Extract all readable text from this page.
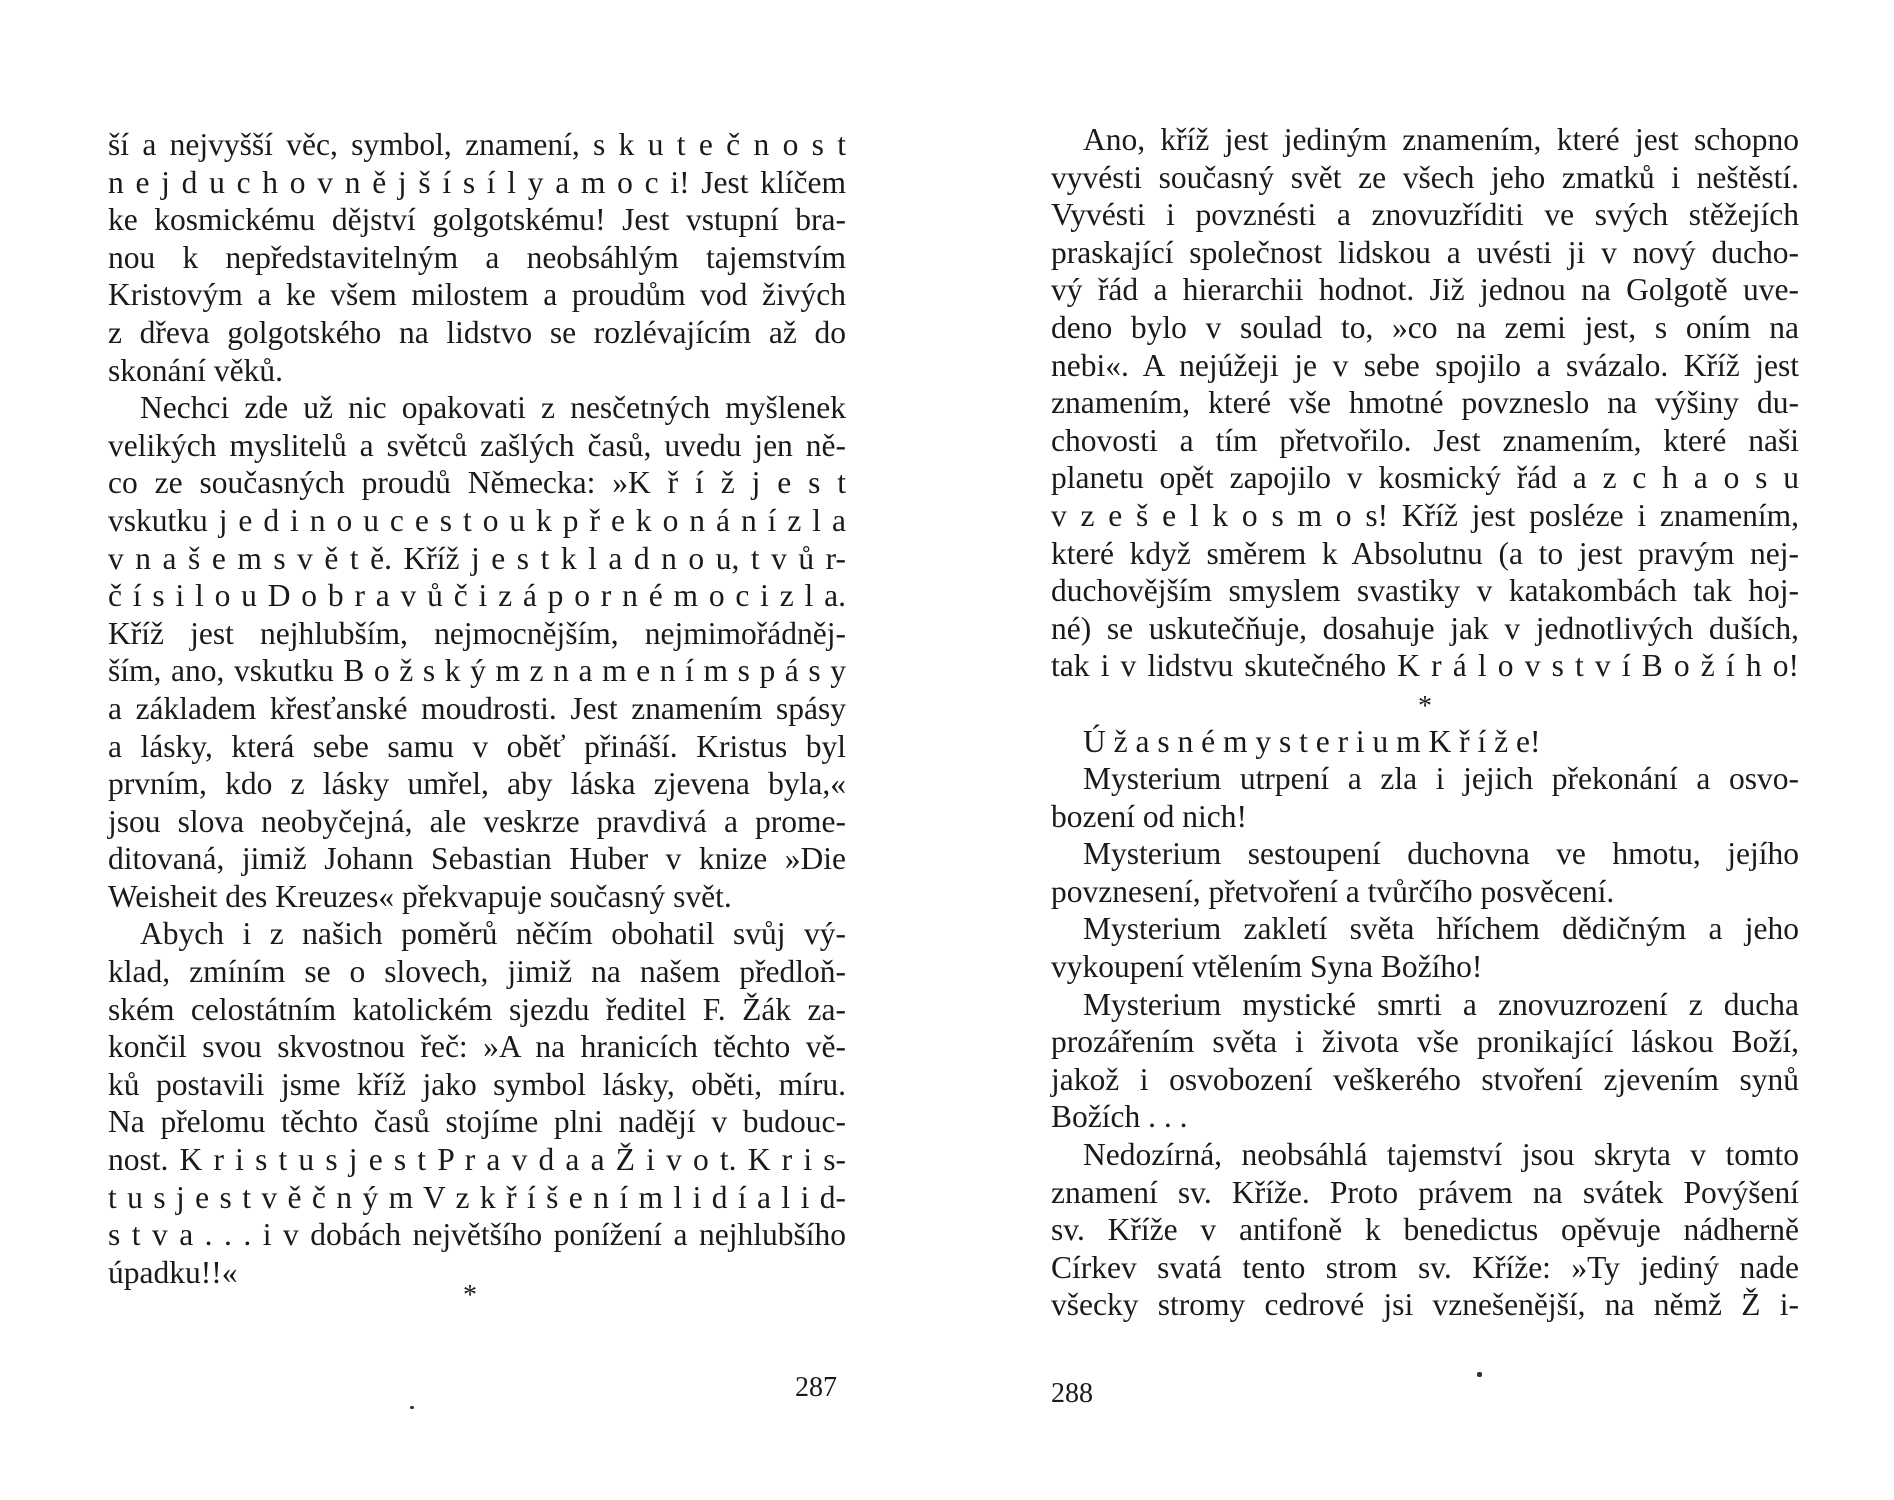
ší a nejvyšší věc, symbol, znamení, s k u t e č n o s t
n e j d u c h o v n ě j š í s í l y a m o c i! Jest klíčem
ke kosmickému dějství golgotskému! Jest vstupní bra-
nou k nepředstavitelným a neobsáhlým tajemstvím
Kristovým a ke všem milostem a proudům vod živých
z dřeva golgotského na lidstvo se rozlévajícím až do
skonání věků.
Nechci zde už nic opakovati z nesčetných myšlenek
velikých myslitelů a světců zašlých časů, uvedu jen ně-
co ze současných proudů Německa: »K ř í ž j e s t
vskutku j e d i n o u c e s t o u k p ř e k o n á n í z l a
v n a š e m s v ě t ě. Kříž j e s t k l a d n o u, t v ů r-
č í s i l o u D o b r a v ů č i z á p o r n é m o c i z l a.
Kříž jest nejhlubším, nejmocnějším, nejmimořádněj-
ším, ano, vskutku B o ž s k ý m z n a m e n í m s p á s y
a základem křesťanské moudrosti. Jest znamením spásy
a lásky, která sebe samu v oběť přináší. Kristus byl
prvním, kdo z lásky umřel, aby láska zjevena byla,«
jsou slova neobyčejná, ale veskrze pravdivá a prome-
ditovaná, jimiž Johann Sebastian Huber v knize »Die
Weisheit des Kreuzes« překvapuje současný svět.
Abych i z našich poměrů něčím obohatil svůj vý-
klad, zmíním se o slovech, jimiž na našem předloň-
ském celostátním katolickém sjezdu ředitel F. Žák za-
končil svou skvostnou řeč: »A na hranicích těchto vě-
ků postavili jsme kříž jako symbol lásky, oběti, míru.
Na přelomu těchto časů stojíme plni nadějí v budouc-
nost. K r i s t u s j e s t P r a v d a a Ž i v o t. K r i s-
t u s j e s t v ě č n ý m V z k ř í š e n í m l i d í a l i d-
s t v a . . . i v dobách největšího ponížení a nejhlubšího
úpadku!!«
*
287
Ano, kříž jest jediným znamením, které jest schopno
vyvésti současný svět ze všech jeho zmatků i neštěstí.
Vyvésti i povznésti a znovuzříditi ve svých stěžejích
praskající společnost lidskou a uvésti ji v nový ducho-
vý řád a hierarchii hodnot. Již jednou na Golgotě uve-
deno bylo v soulad to, »co na zemi jest, s oním na
nebi«. A nejúžeji je v sebe spojilo a svázalo. Kříž jest
znamením, které vše hmotné povzneslo na výšiny du-
chovosti a tím přetvořilo. Jest znamením, které naši
planetu opět zapojilo v kosmický řád a z c h a o s u
v z e š e l k o s m o s! Kříž jest posléze i znamením,
které když směrem k Absolutnu (a to jest pravým nej-
duchovějším smyslem svastiky v katakombách tak hoj-
né) se uskutečňuje, dosahuje jak v jednotlivých duších,
tak i v lidstvu skutečného K r á l o v s t v í B o ž í h o!
*
Ú ž a s n é m y s t e r i u m K ř í ž e!
Mysterium utrpení a zla i jejich překonání a osvo-
bození od nich!
Mysterium sestoupení duchovna ve hmotu, jejího
povznesení, přetvoření a tvůrčího posvěcení.
Mysterium zakletí světa hříchem dědičným a jeho
vykoupení vtělením Syna Božího!
Mysterium mystické smrti a znovuzrození z ducha
prozářením světa i života vše pronikající láskou Boží,
jakož i osvobození veškerého stvoření zjevením synů
Božích . . .
Nedozírná, neobsáhlá tajemství jsou skryta v tomto
znamení sv. Kříže. Proto právem na svátek Povýšení
sv. Kříže v antifoně k benedictus opěvuje nádherně
Církev svatá tento strom sv. Kříže: »Ty jediný nade
všecky stromy cedrové jsi vznešenější, na němž Ž i-
288
